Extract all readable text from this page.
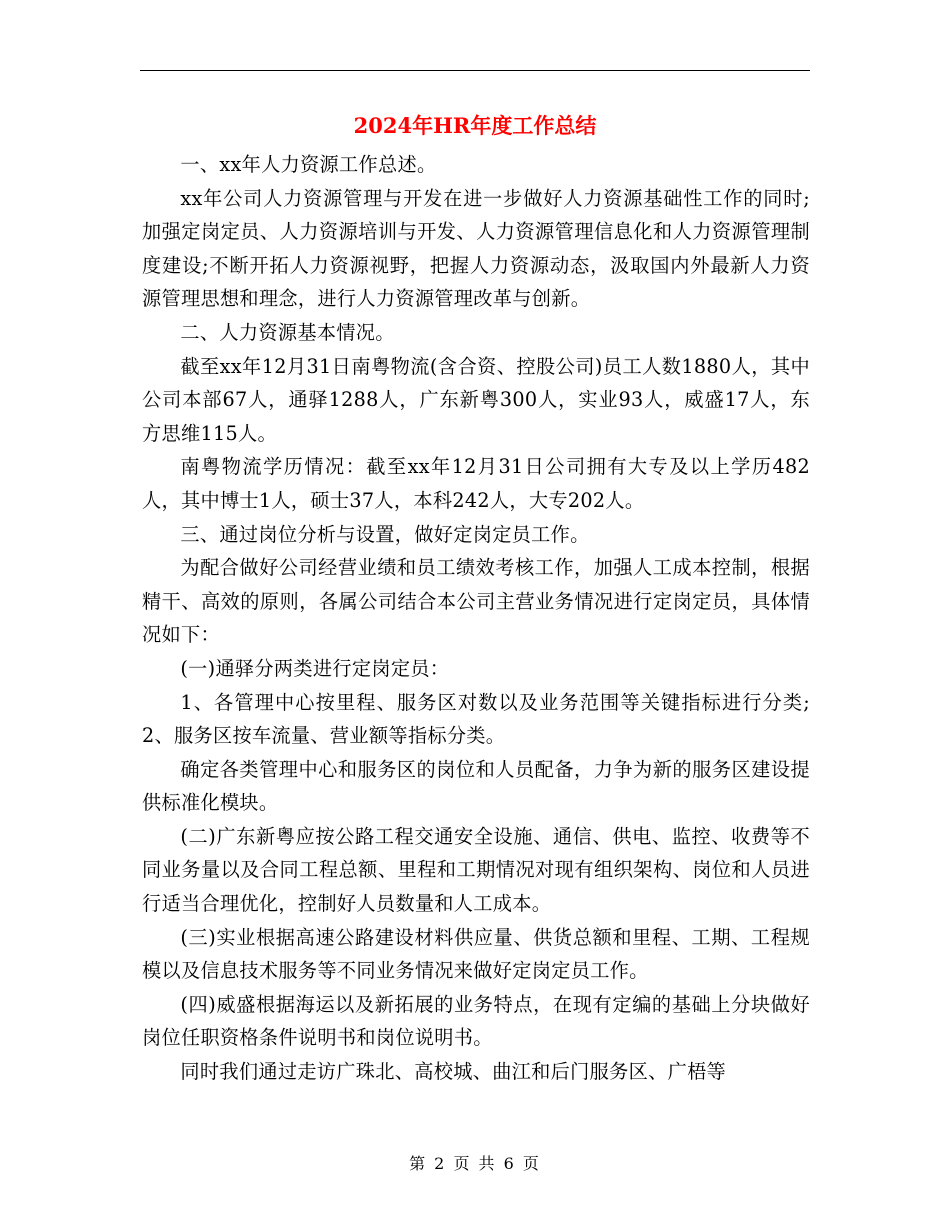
2024年HR年度工作总结

一、xx年人力资源工作总述。

xx年公司人力资源管理与开发在进一步做好人力资源基础性工作的同时;加强定岗定员、人力资源培训与开发、人力资源管理信息化和人力资源管理制度建设;不断开拓人力资源视野，把握人力资源动态，汲取国内外最新人力资源管理思想和理念，进行人力资源管理改革与创新。

二、人力资源基本情况。

截至xx年12月31日南粤物流(含合资、控股公司)员工人数1880人，其中公司本部67人，通驿1288人，广东新粤300人，实业93人，威盛17人，东方思维115人。

南粤物流学历情况：截至xx年12月31日公司拥有大专及以上学历482人，其中博士1人，硕士37人，本科242人，大专202人。

三、通过岗位分析与设置，做好定岗定员工作。

为配合做好公司经营业绩和员工绩效考核工作，加强人工成本控制，根据精干、高效的原则，各属公司结合本公司主营业务情况进行定岗定员，具体情况如下：

(一)通驿分两类进行定岗定员：

1、各管理中心按里程、服务区对数以及业务范围等关键指标进行分类;2、服务区按车流量、营业额等指标分类。

确定各类管理中心和服务区的岗位和人员配备，力争为新的服务区建设提供标准化模块。

(二)广东新粤应按公路工程交通安全设施、通信、供电、监控、收费等不同业务量以及合同工程总额、里程和工期情况对现有组织架构、岗位和人员进行适当合理优化，控制好人员数量和人工成本。

(三)实业根据高速公路建设材料供应量、供货总额和里程、工期、工程规模以及信息技术服务等不同业务情况来做好定岗定员工作。

(四)威盛根据海运以及新拓展的业务特点，在现有定编的基础上分块做好岗位任职资格条件说明书和岗位说明书。

同时我们通过走访广珠北、高校城、曲江和后门服务区、广梧等

第 2 页 共 6 页
